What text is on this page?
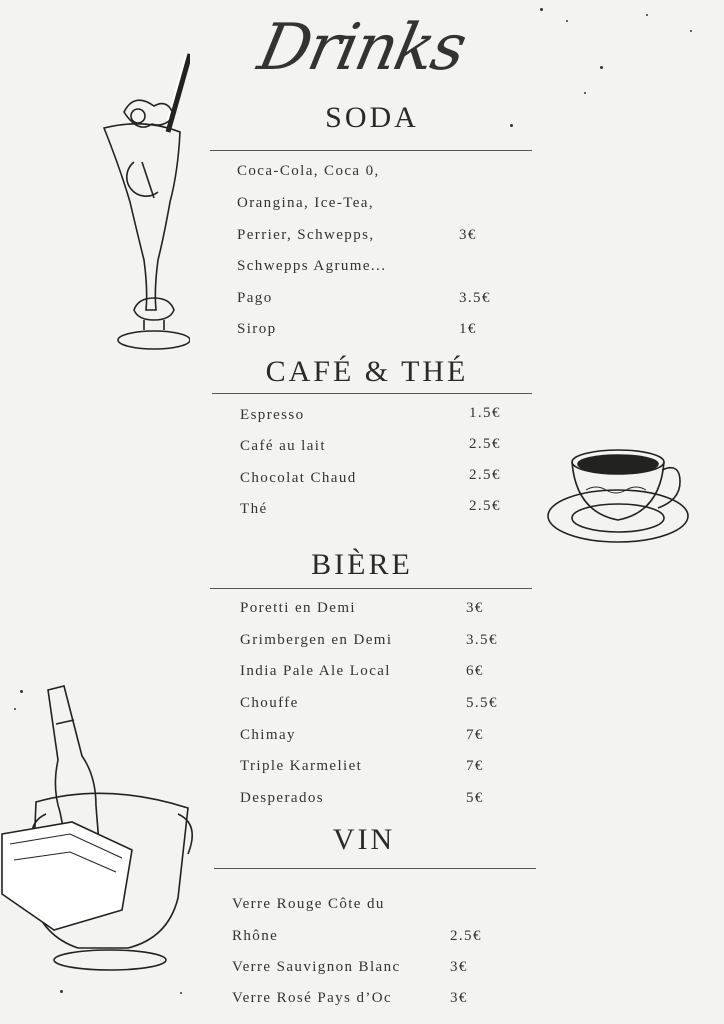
Drinks
SODA
Coca-Cola, Coca 0,
Orangina, Ice-Tea,
Perrier, Schwepps,	3€
Schwepps Agrume...
Pago	3.5€
Sirop	1€
CAFÉ & THÉ
Espresso	1.5€
Café au lait	2.5€
Chocolat Chaud	2.5€
Thé	2.5€
BIÈRE
Poretti en Demi	3€
Grimbergen en Demi	3.5€
India Pale Ale Local	6€
Chouffe	5.5€
Chimay	7€
Triple Karmeliet	7€
Desperados	5€
VIN
Verre Rouge Côte du
Rhône	2.5€
Verre Sauvignon Blanc	3€
Verre Rosé Pays d’Oc	3€
